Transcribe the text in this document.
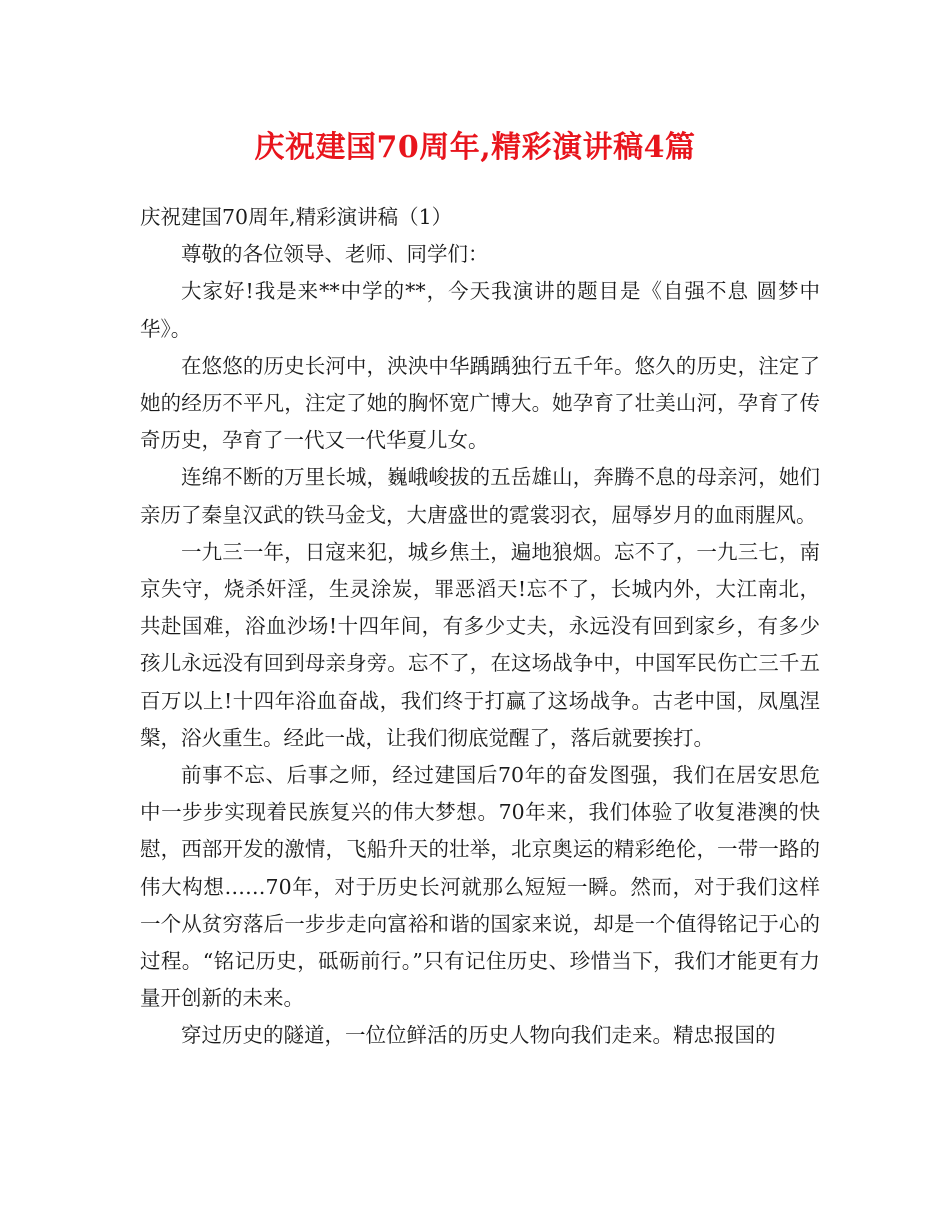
庆祝建国70周年,精彩演讲稿4篇

庆祝建国70周年,精彩演讲稿（1）

尊敬的各位领导、老师、同学们：

大家好!我是来**中学的**，今天我演讲的题目是《自强不息 圆梦中华》。

在悠悠的历史长河中，泱泱中华踽踽独行五千年。悠久的历史，注定了她的经历不平凡，注定了她的胸怀宽广博大。她孕育了壮美山河，孕育了传奇历史，孕育了一代又一代华夏儿女。

连绵不断的万里长城，巍峨峻拔的五岳雄山，奔腾不息的母亲河，她们亲历了秦皇汉武的铁马金戈，大唐盛世的霓裳羽衣，屈辱岁月的血雨腥风。

一九三一年，日寇来犯，城乡焦土，遍地狼烟。忘不了，一九三七，南京失守，烧杀奸淫，生灵涂炭，罪恶滔天!忘不了，长城内外，大江南北，共赴国难，浴血沙场!十四年间，有多少丈夫，永远没有回到家乡，有多少孩儿永远没有回到母亲身旁。忘不了，在这场战争中，中国军民伤亡三千五百万以上!十四年浴血奋战，我们终于打赢了这场战争。古老中国，凤凰涅槃，浴火重生。经此一战，让我们彻底觉醒了，落后就要挨打。

前事不忘、后事之师，经过建国后70年的奋发图强，我们在居安思危中一步步实现着民族复兴的伟大梦想。70年来，我们体验了收复港澳的快慰，西部开发的激情，飞船升天的壮举，北京奥运的精彩绝伦，一带一路的伟大构想……70年，对于历史长河就那么短短一瞬。然而，对于我们这样一个从贫穷落后一步步走向富裕和谐的国家来说，却是一个值得铭记于心的过程。“铭记历史，砥砺前行。”只有记住历史、珍惜当下，我们才能更有力量开创新的未来。

穿过历史的隧道，一位位鲜活的历史人物向我们走来。精忠报国的
